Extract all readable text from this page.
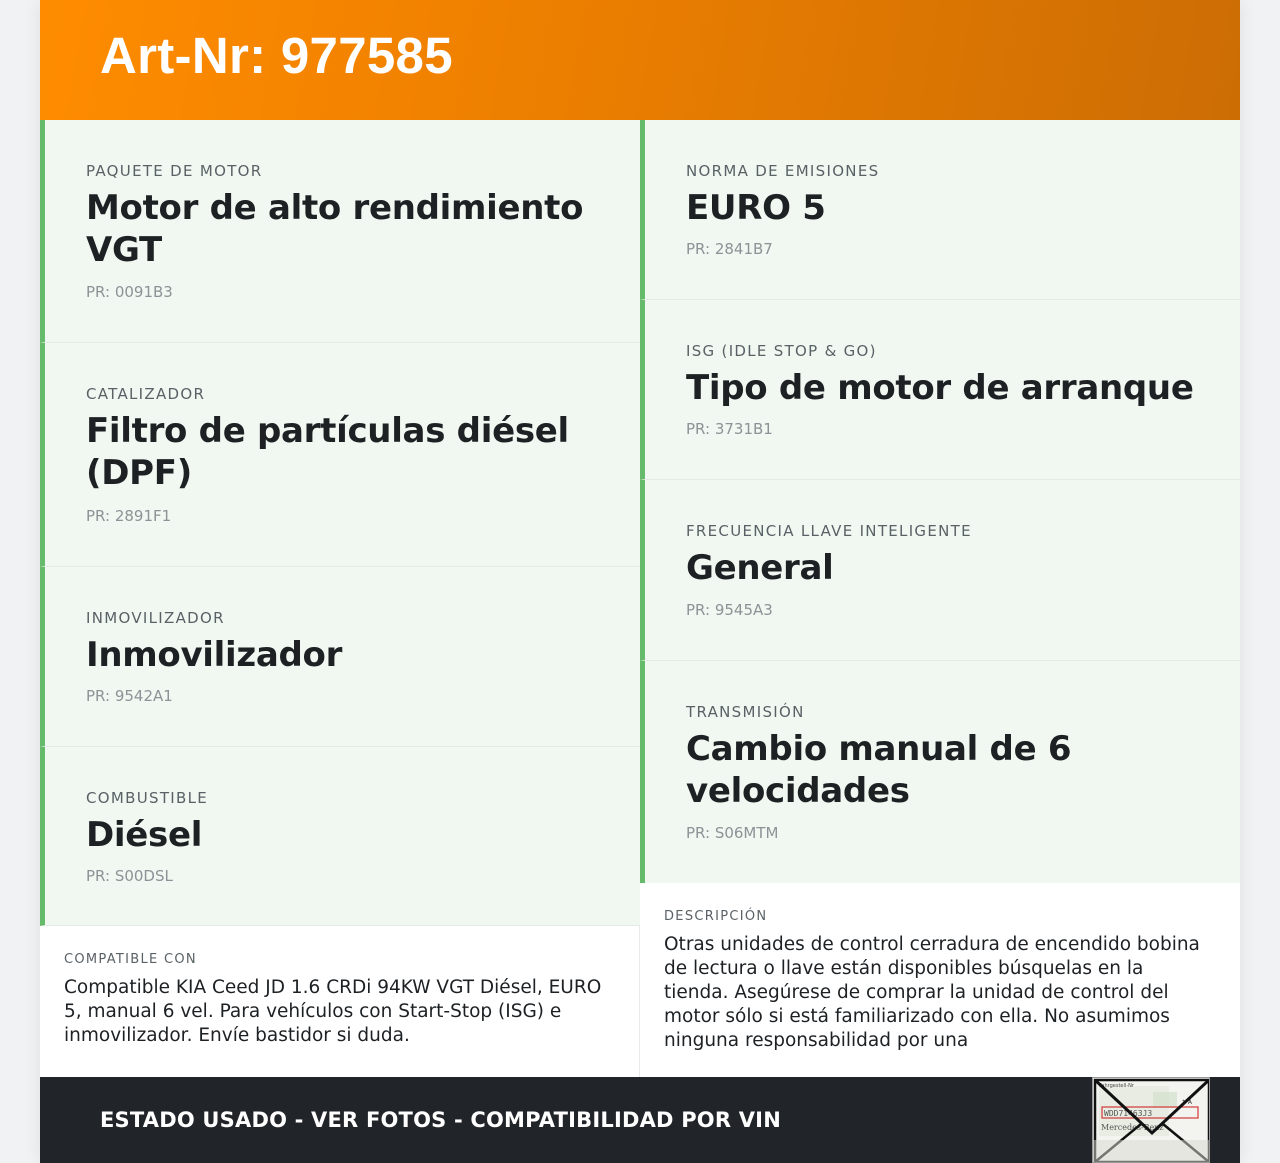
Art-Nr: 977585
PAQUETE DE MOTOR
Motor de alto rendimiento VGT
PR: 0091B3
CATALIZADOR
Filtro de partículas diésel (DPF)
PR: 2891F1
INMOVILIZADOR
Inmovilizador
PR: 9542A1
COMBUSTIBLE
Diésel
PR: S00DSL
NORMA DE EMISIONES
EURO 5
PR: 2841B7
ISG (IDLE STOP & GO)
Tipo de motor de arranque
PR: 3731B1
FRECUENCIA LLAVE INTELIGENTE
General
PR: 9545A3
TRANSMISIÓN
Cambio manual de 6 velocidades
PR: S06MTM
COMPATIBLE CON
Compatible KIA Ceed JD 1.6 CRDi 94KW VGT Diésel, EURO 5, manual 6 vel. Para vehículos con Start-Stop (ISG) e inmovilizador. Envíe bastidor si duda.
DESCRIPCIÓN
Otras unidades de control cerradura de encendido bobina de lectura o llave están disponibles búsquelas en la tienda. Asegúrese de comprar la unidad de control del motor sólo si está familiarizado con ella. No asumimos ninguna responsabilidad por una
ESTADO USADO - VER FOTOS - COMPATIBILIDAD POR VIN
Fahrgestell-Nr
↑ A
WDD71463J3
Mercedes-Benz
